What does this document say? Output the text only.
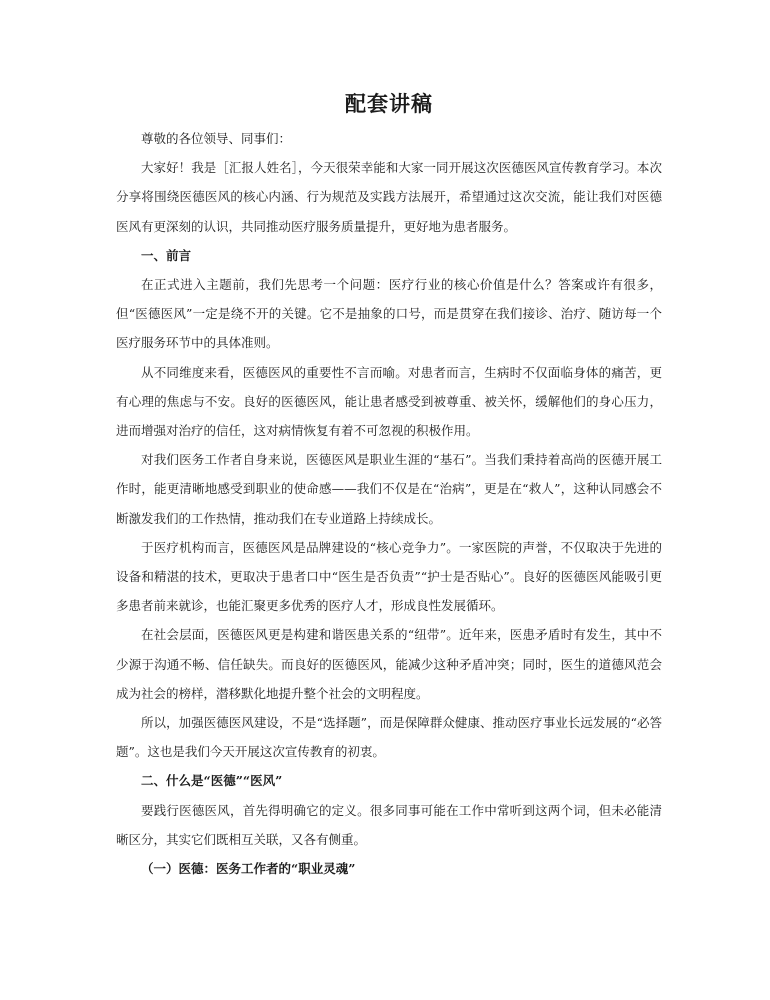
配套讲稿

尊敬的各位领导、同事们：

大家好！我是［汇报人姓名］，今天很荣幸能和大家一同开展这次医德医风宣传教育学习。本次分享将围绕医德医风的核心内涵、行为规范及实践方法展开，希望通过这次交流，能让我们对医德医风有更深刻的认识，共同推动医疗服务质量提升，更好地为患者服务。

一、前言

在正式进入主题前，我们先思考一个问题：医疗行业的核心价值是什么？答案或许有很多，但“医德医风”一定是绕不开的关键。它不是抽象的口号，而是贯穿在我们接诊、治疗、随访每一个医疗服务环节中的具体准则。

从不同维度来看，医德医风的重要性不言而喻。对患者而言，生病时不仅面临身体的痛苦，更有心理的焦虑与不安。良好的医德医风，能让患者感受到被尊重、被关怀，缓解他们的身心压力，进而增强对治疗的信任，这对病情恢复有着不可忽视的积极作用。

对我们医务工作者自身来说，医德医风是职业生涯的“基石”。当我们秉持着高尚的医德开展工作时，能更清晰地感受到职业的使命感——我们不仅是在“治病”，更是在“救人”，这种认同感会不断激发我们的工作热情，推动我们在专业道路上持续成长。

于医疗机构而言，医德医风是品牌建设的“核心竞争力”。一家医院的声誉，不仅取决于先进的设备和精湛的技术，更取决于患者口中“医生是否负责”“护士是否贴心”。良好的医德医风能吸引更多患者前来就诊，也能汇聚更多优秀的医疗人才，形成良性发展循环。

在社会层面，医德医风更是构建和谐医患关系的“纽带”。近年来，医患矛盾时有发生，其中不少源于沟通不畅、信任缺失。而良好的医德医风，能减少这种矛盾冲突；同时，医生的道德风范会成为社会的榜样，潜移默化地提升整个社会的文明程度。

所以，加强医德医风建设，不是“选择题”，而是保障群众健康、推动医疗事业长远发展的“必答题”。这也是我们今天开展这次宣传教育的初衷。

二、什么是“医德”“医风”

要践行医德医风，首先得明确它的定义。很多同事可能在工作中常听到这两个词，但未必能清晰区分，其实它们既相互关联，又各有侧重。

（一）医德：医务工作者的“职业灵魂”
